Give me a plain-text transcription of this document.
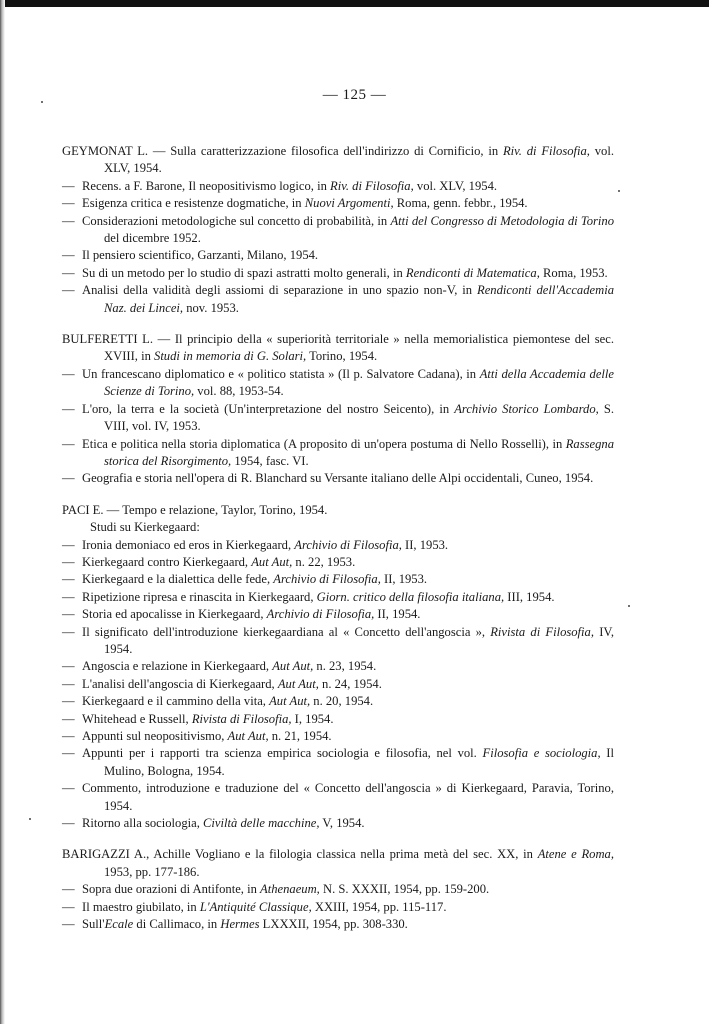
— 125 —
GEYMONAT L. — Sulla caratterizzazione filosofica dell'indirizzo di Cornificio, in Riv. di Filosofia, vol. XLV, 1954.
— Recens. a F. Barone, Il neopositivismo logico, in Riv. di Filosofia, vol. XLV, 1954.
— Esigenza critica e resistenze dogmatiche, in Nuovi Argomenti, Roma, genn. febbr., 1954.
— Considerazioni metodologiche sul concetto di probabilità, in Atti del Congresso di Metodologia di Torino del dicembre 1952.
— Il pensiero scientifico, Garzanti, Milano, 1954.
— Su di un metodo per lo studio di spazi astratti molto generali, in Rendiconti di Matematica, Roma, 1953.
— Analisi della validità degli assiomi di separazione in uno spazio non-V, in Rendiconti dell'Accademia Naz. dei Lincei, nov. 1953.
BULFERETTI L. — Il principio della « superiorità territoriale » nella memorialistica piemontese del sec. XVIII, in Studi in memoria di G. Solari, Torino, 1954.
— Un francescano diplomatico e « politico statista » (Il p. Salvatore Cadana), in Atti della Accademia delle Scienze di Torino, vol. 88, 1953-54.
— L'oro, la terra e la società (Un'interpretazione del nostro Seicento), in Archivio Storico Lombardo, S. VIII, vol. IV, 1953.
— Etica e politica nella storia diplomatica (A proposito di un'opera postuma di Nello Rosselli), in Rassegna storica del Risorgimento, 1954, fasc. VI.
— Geografia e storia nell'opera di R. Blanchard su Versante italiano delle Alpi occidentali, Cuneo, 1954.
PACI E. — Tempo e relazione, Taylor, Torino, 1954.
Studi su Kierkegaard:
— Ironia demoniaco ed eros in Kierkegaard, Archivio di Filosofia, II, 1953.
— Kierkegaard contro Kierkegaard, Aut Aut, n. 22, 1953.
— Kierkegaard e la dialettica delle fede, Archivio di Filosofia, II, 1953.
— Ripetizione ripresa e rinascita in Kierkegaard, Giorn. critico della filosofia italiana, III, 1954.
— Storia ed apocalisse in Kierkegaard, Archivio di Filosofia, II, 1954.
— Il significato dell'introduzione kierkegaardiana al « Concetto dell'angoscia », Rivista di Filosofia, IV, 1954.
— Angoscia e relazione in Kierkegaard, Aut Aut, n. 23, 1954.
— L'analisi dell'angoscia di Kierkegaard, Aut Aut, n. 24, 1954.
— Kierkegaard e il cammino della vita, Aut Aut, n. 20, 1954.
— Whitehead e Russell, Rivista di Filosofia, I, 1954.
— Appunti sul neopositivismo, Aut Aut, n. 21, 1954.
— Appunti per i rapporti tra scienza empirica sociologia e filosofia, nel vol. Filosofia e sociologia, Il Mulino, Bologna, 1954.
— Commento, introduzione e traduzione del « Concetto dell'angoscia » di Kierkegaard, Paravia, Torino, 1954.
— Ritorno alla sociologia, Civiltà delle macchine, V, 1954.
BARIGAZZI A., Achille Vogliano e la filologia classica nella prima metà del sec. XX, in Atene e Roma, 1953, pp. 177-186.
— Sopra due orazioni di Antifonte, in Athenaeum, N. S. XXXII, 1954, pp. 159-200.
— Il maestro giubilato, in L'Antiquité Classique, XXIII, 1954, pp. 115-117.
— Sull'Ecale di Callimaco, in Hermes LXXXII, 1954, pp. 308-330.
